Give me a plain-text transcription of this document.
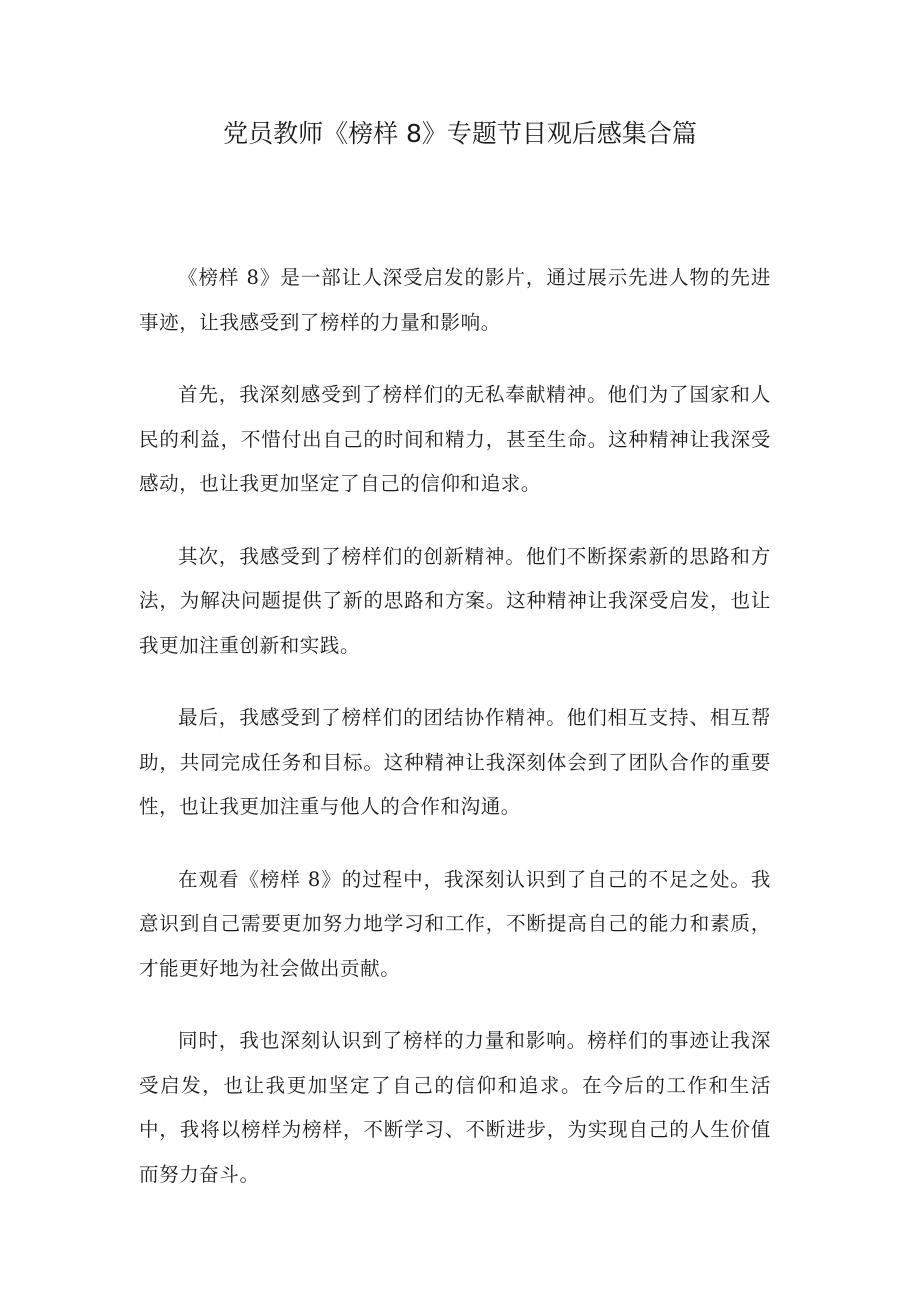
党员教师《榜样 8》专题节目观后感集合篇

《榜样 8》是一部让人深受启发的影片，通过展示先进人物的先进事迹，让我感受到了榜样的力量和影响。

首先，我深刻感受到了榜样们的无私奉献精神。他们为了国家和人民的利益，不惜付出自己的时间和精力，甚至生命。这种精神让我深受感动，也让我更加坚定了自己的信仰和追求。

其次，我感受到了榜样们的创新精神。他们不断探索新的思路和方法，为解决问题提供了新的思路和方案。这种精神让我深受启发，也让我更加注重创新和实践。

最后，我感受到了榜样们的团结协作精神。他们相互支持、相互帮助，共同完成任务和目标。这种精神让我深刻体会到了团队合作的重要性，也让我更加注重与他人的合作和沟通。

在观看《榜样 8》的过程中，我深刻认识到了自己的不足之处。我意识到自己需要更加努力地学习和工作，不断提高自己的能力和素质，才能更好地为社会做出贡献。

同时，我也深刻认识到了榜样的力量和影响。榜样们的事迹让我深受启发，也让我更加坚定了自己的信仰和追求。在今后的工作和生活中，我将以榜样为榜样，不断学习、不断进步，为实现自己的人生价值而努力奋斗。
